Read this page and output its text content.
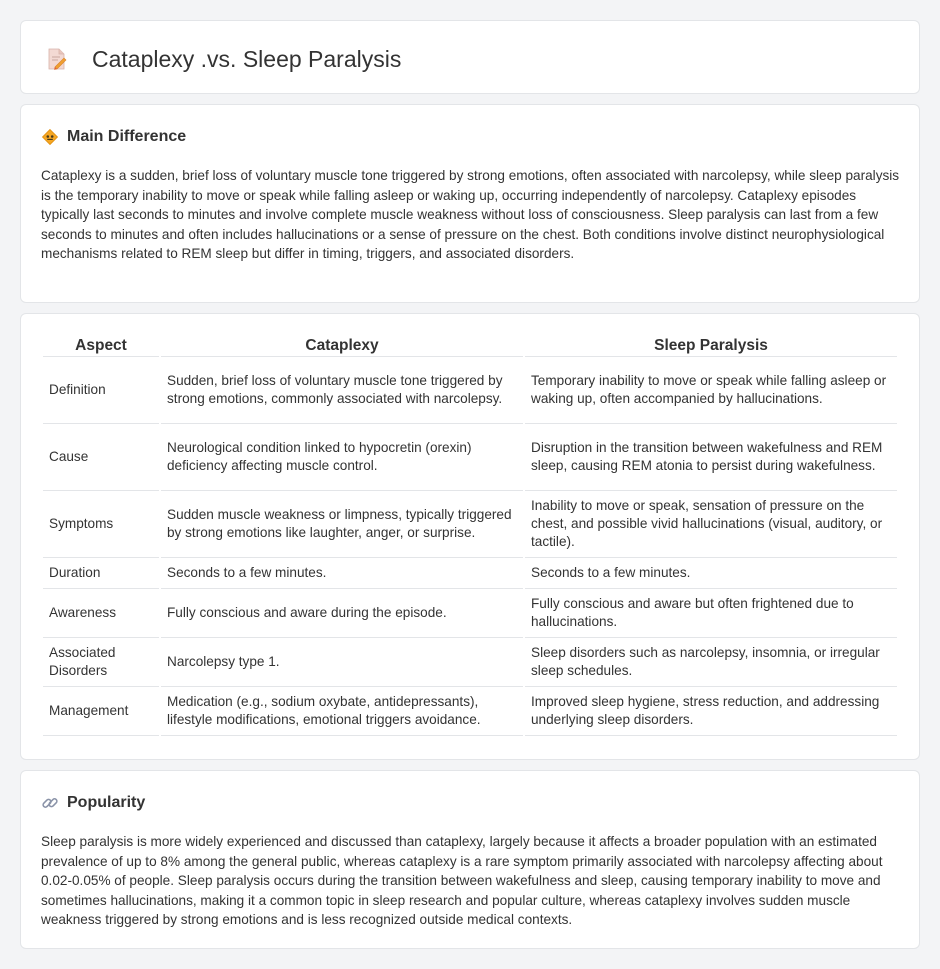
Cataplexy .vs. Sleep Paralysis
Main Difference

Cataplexy is a sudden, brief loss of voluntary muscle tone triggered by strong emotions, often associated with narcolepsy, while sleep paralysis is the temporary inability to move or speak while falling asleep or waking up, occurring independently of narcolepsy. Cataplexy episodes typically last seconds to minutes and involve complete muscle weakness without loss of consciousness. Sleep paralysis can last from a few seconds to minutes and often includes hallucinations or a sense of pressure on the chest. Both conditions involve distinct neurophysiological mechanisms related to REM sleep but differ in timing, triggers, and associated disorders.

Aspect	Cataplexy	Sleep Paralysis
Definition	Sudden, brief loss of voluntary muscle tone triggered by strong emotions, commonly associated with narcolepsy.	Temporary inability to move or speak while falling asleep or waking up, often accompanied by hallucinations.
Cause	Neurological condition linked to hypocretin (orexin) deficiency affecting muscle control.	Disruption in the transition between wakefulness and REM sleep, causing REM atonia to persist during wakefulness.
Symptoms	Sudden muscle weakness or limpness, typically triggered by strong emotions like laughter, anger, or surprise.	Inability to move or speak, sensation of pressure on the chest, and possible vivid hallucinations (visual, auditory, or tactile).
Duration	Seconds to a few minutes.	Seconds to a few minutes.
Awareness	Fully conscious and aware during the episode.	Fully conscious and aware but often frightened due to hallucinations.
Associated Disorders	Narcolepsy type 1.	Sleep disorders such as narcolepsy, insomnia, or irregular sleep schedules.
Management	Medication (e.g., sodium oxybate, antidepressants), lifestyle modifications, emotional triggers avoidance.	Improved sleep hygiene, stress reduction, and addressing underlying sleep disorders.
Popularity

Sleep paralysis is more widely experienced and discussed than cataplexy, largely because it affects a broader population with an estimated prevalence of up to 8% among the general public, whereas cataplexy is a rare symptom primarily associated with narcolepsy affecting about 0.02-0.05% of people. Sleep paralysis occurs during the transition between wakefulness and sleep, causing temporary inability to move and sometimes hallucinations, making it a common topic in sleep research and popular culture, whereas cataplexy involves sudden muscle weakness triggered by strong emotions and is less recognized outside medical contexts.
